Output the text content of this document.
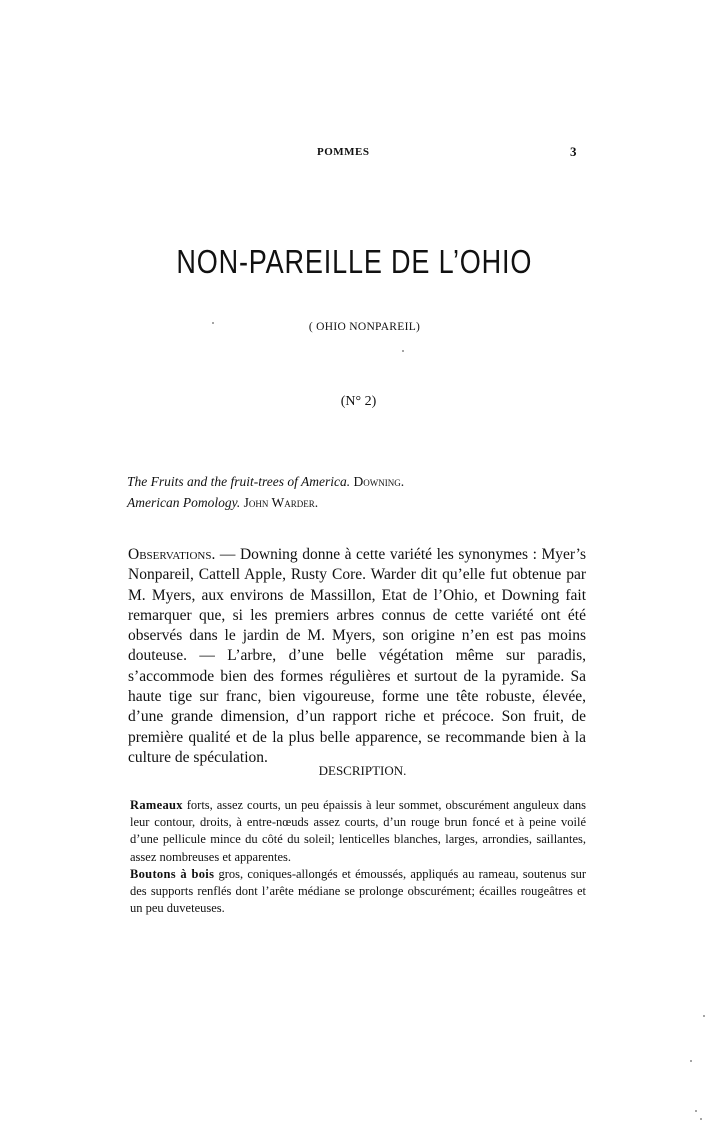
POMMES	3
NON-PAREILLE DE L’OHIO
( OHIO NONPAREIL)
(N° 2)
The Fruits and the fruit-trees of America. Downing.
American Pomology. John Warder.
Observations. — Downing donne à cette variété les synonymes : Myer’s Nonpareil, Cattell Apple, Rusty Core. Warder dit qu’elle fut obtenue par M. Myers, aux environs de Massillon, Etat de l’Ohio, et Downing fait remarquer que, si les premiers arbres connus de cette variété ont été observés dans le jardin de M. Myers, son origine n’en est pas moins douteuse. — L’arbre, d’une belle végétation même sur paradis, s’accommode bien des formes régulières et surtout de la pyramide. Sa haute tige sur franc, bien vigoureuse, forme une tête robuste, élevée, d’une grande dimension, d’un rapport riche et précoce. Son fruit, de première qualité et de la plus belle apparence, se recommande bien à la culture de spéculation.
DESCRIPTION.

Rameaux forts, assez courts, un peu épaissis à leur sommet, obscurément anguleux dans leur contour, droits, à entre-nœuds assez courts, d’un rouge brun foncé et à peine voilé d’une pellicule mince du côté du soleil; lenticelles blanches, larges, arrondies, saillantes, assez nombreuses et apparentes.

Boutons à bois gros, coniques-allongés et émoussés, appliqués au rameau, soutenus sur des supports renflés dont l’arête médiane se prolonge obscurément; écailles rougeâtres et un peu duveteuses.
